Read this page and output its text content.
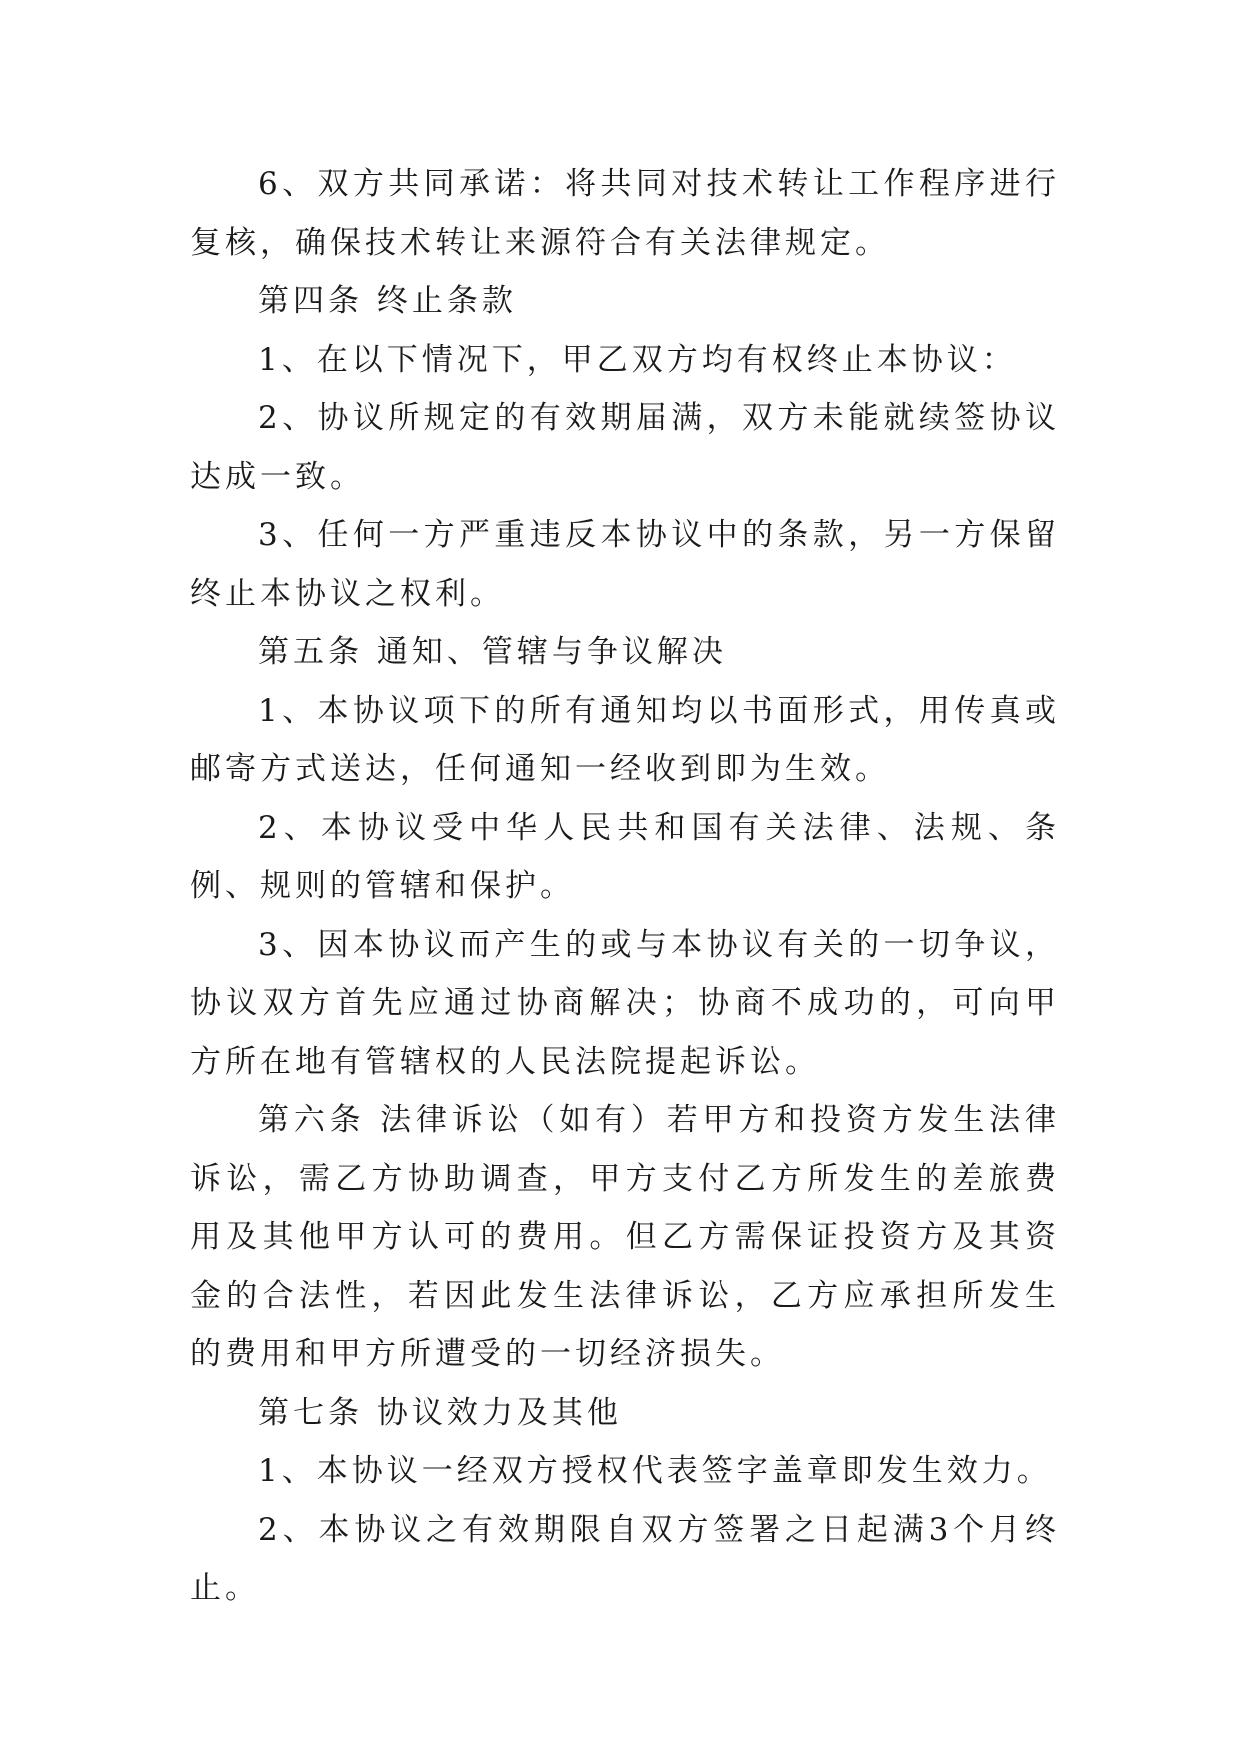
6、双方共同承诺：将共同对技术转让工作程序进行复核，确保技术转让来源符合有关法律规定。

第四条 终止条款

1、在以下情况下，甲乙双方均有权终止本协议：

2、协议所规定的有效期届满，双方未能就续签协议达成一致。

3、任何一方严重违反本协议中的条款，另一方保留终止本协议之权利。

第五条 通知、管辖与争议解决

1、本协议项下的所有通知均以书面形式，用传真或邮寄方式送达，任何通知一经收到即为生效。

2、本协议受中华人民共和国有关法律、法规、条例、规则的管辖和保护。

3、因本协议而产生的或与本协议有关的一切争议，协议双方首先应通过协商解决；协商不成功的，可向甲方所在地有管辖权的人民法院提起诉讼。

第六条 法律诉讼（如有）若甲方和投资方发生法律诉讼，需乙方协助调查，甲方支付乙方所发生的差旅费用及其他甲方认可的费用。但乙方需保证投资方及其资金的合法性，若因此发生法律诉讼，乙方应承担所发生的费用和甲方所遭受的一切经济损失。

第七条 协议效力及其他

1、本协议一经双方授权代表签字盖章即发生效力。

2、本协议之有效期限自双方签署之日起满3个月终止。
